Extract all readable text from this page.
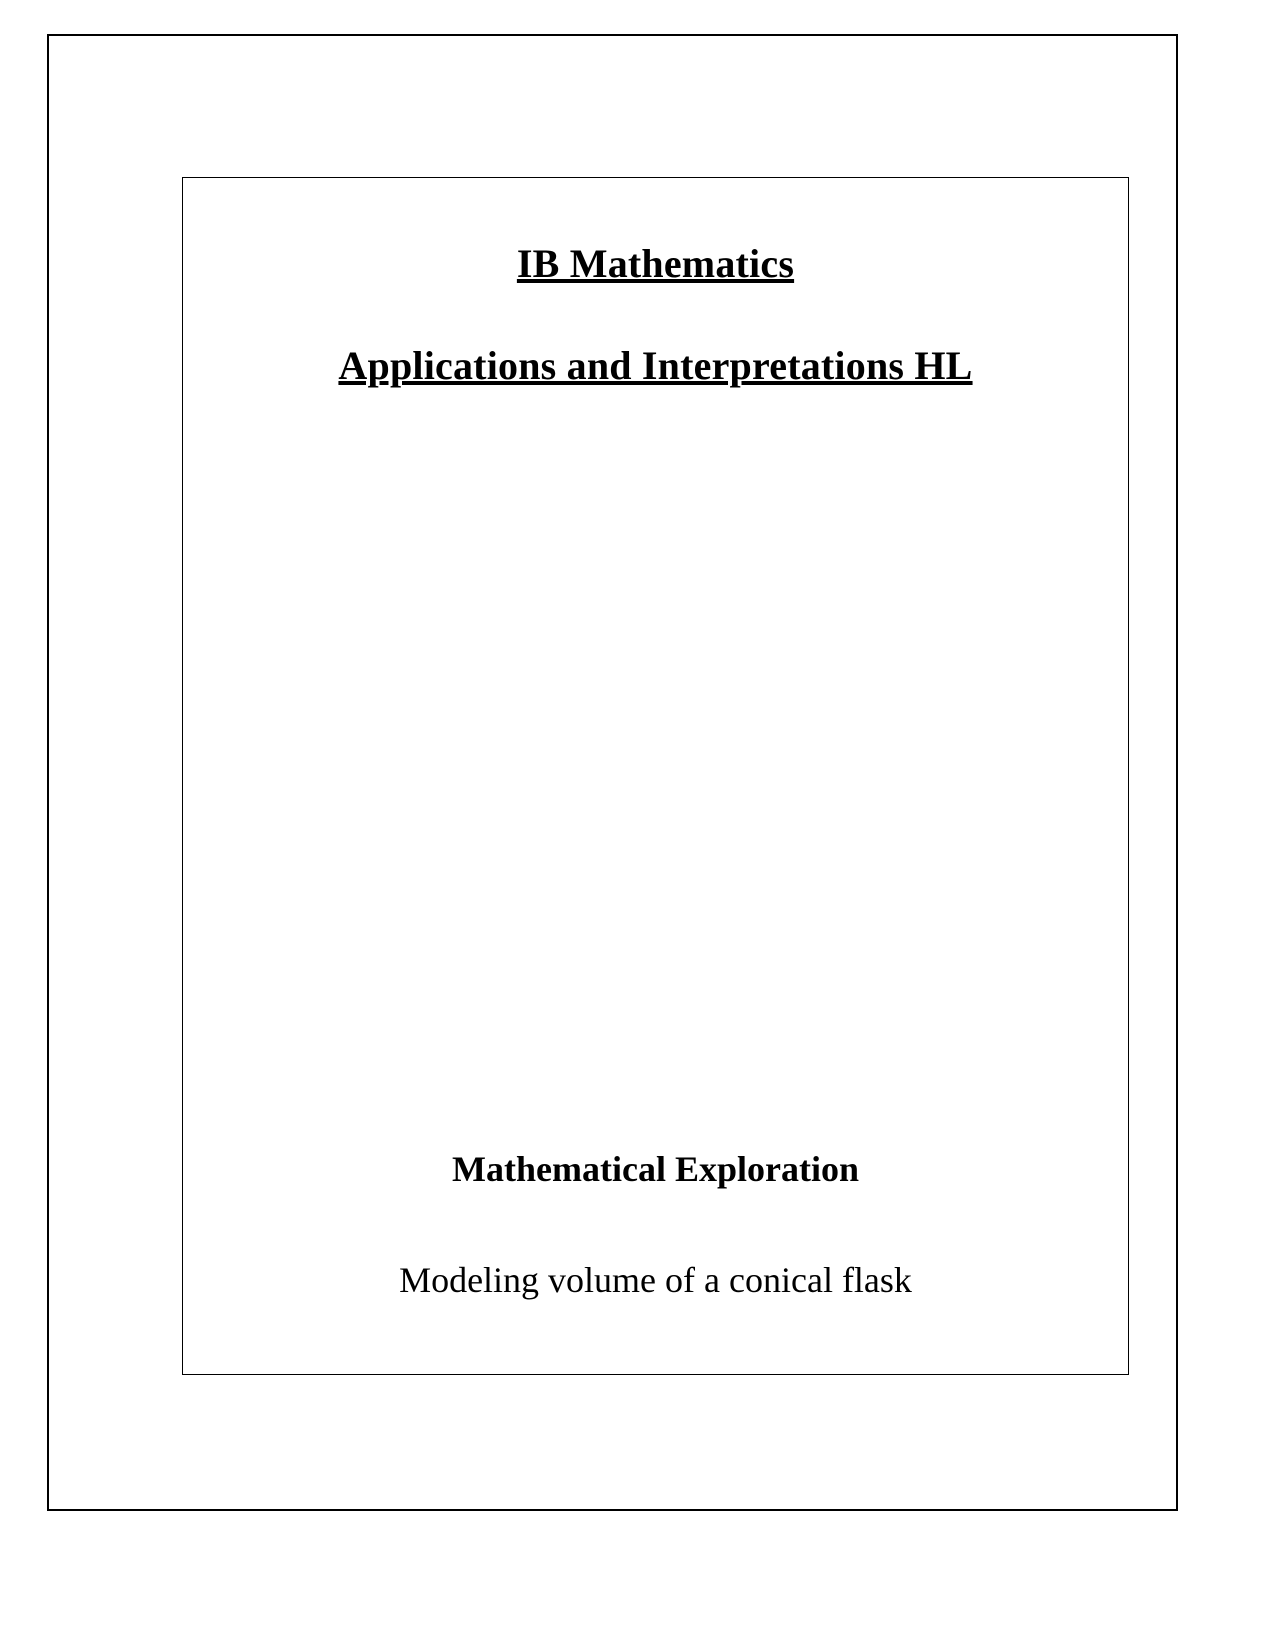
IB Mathematics
Applications and Interpretations HL
Mathematical Exploration
Modeling volume of a conical flask
